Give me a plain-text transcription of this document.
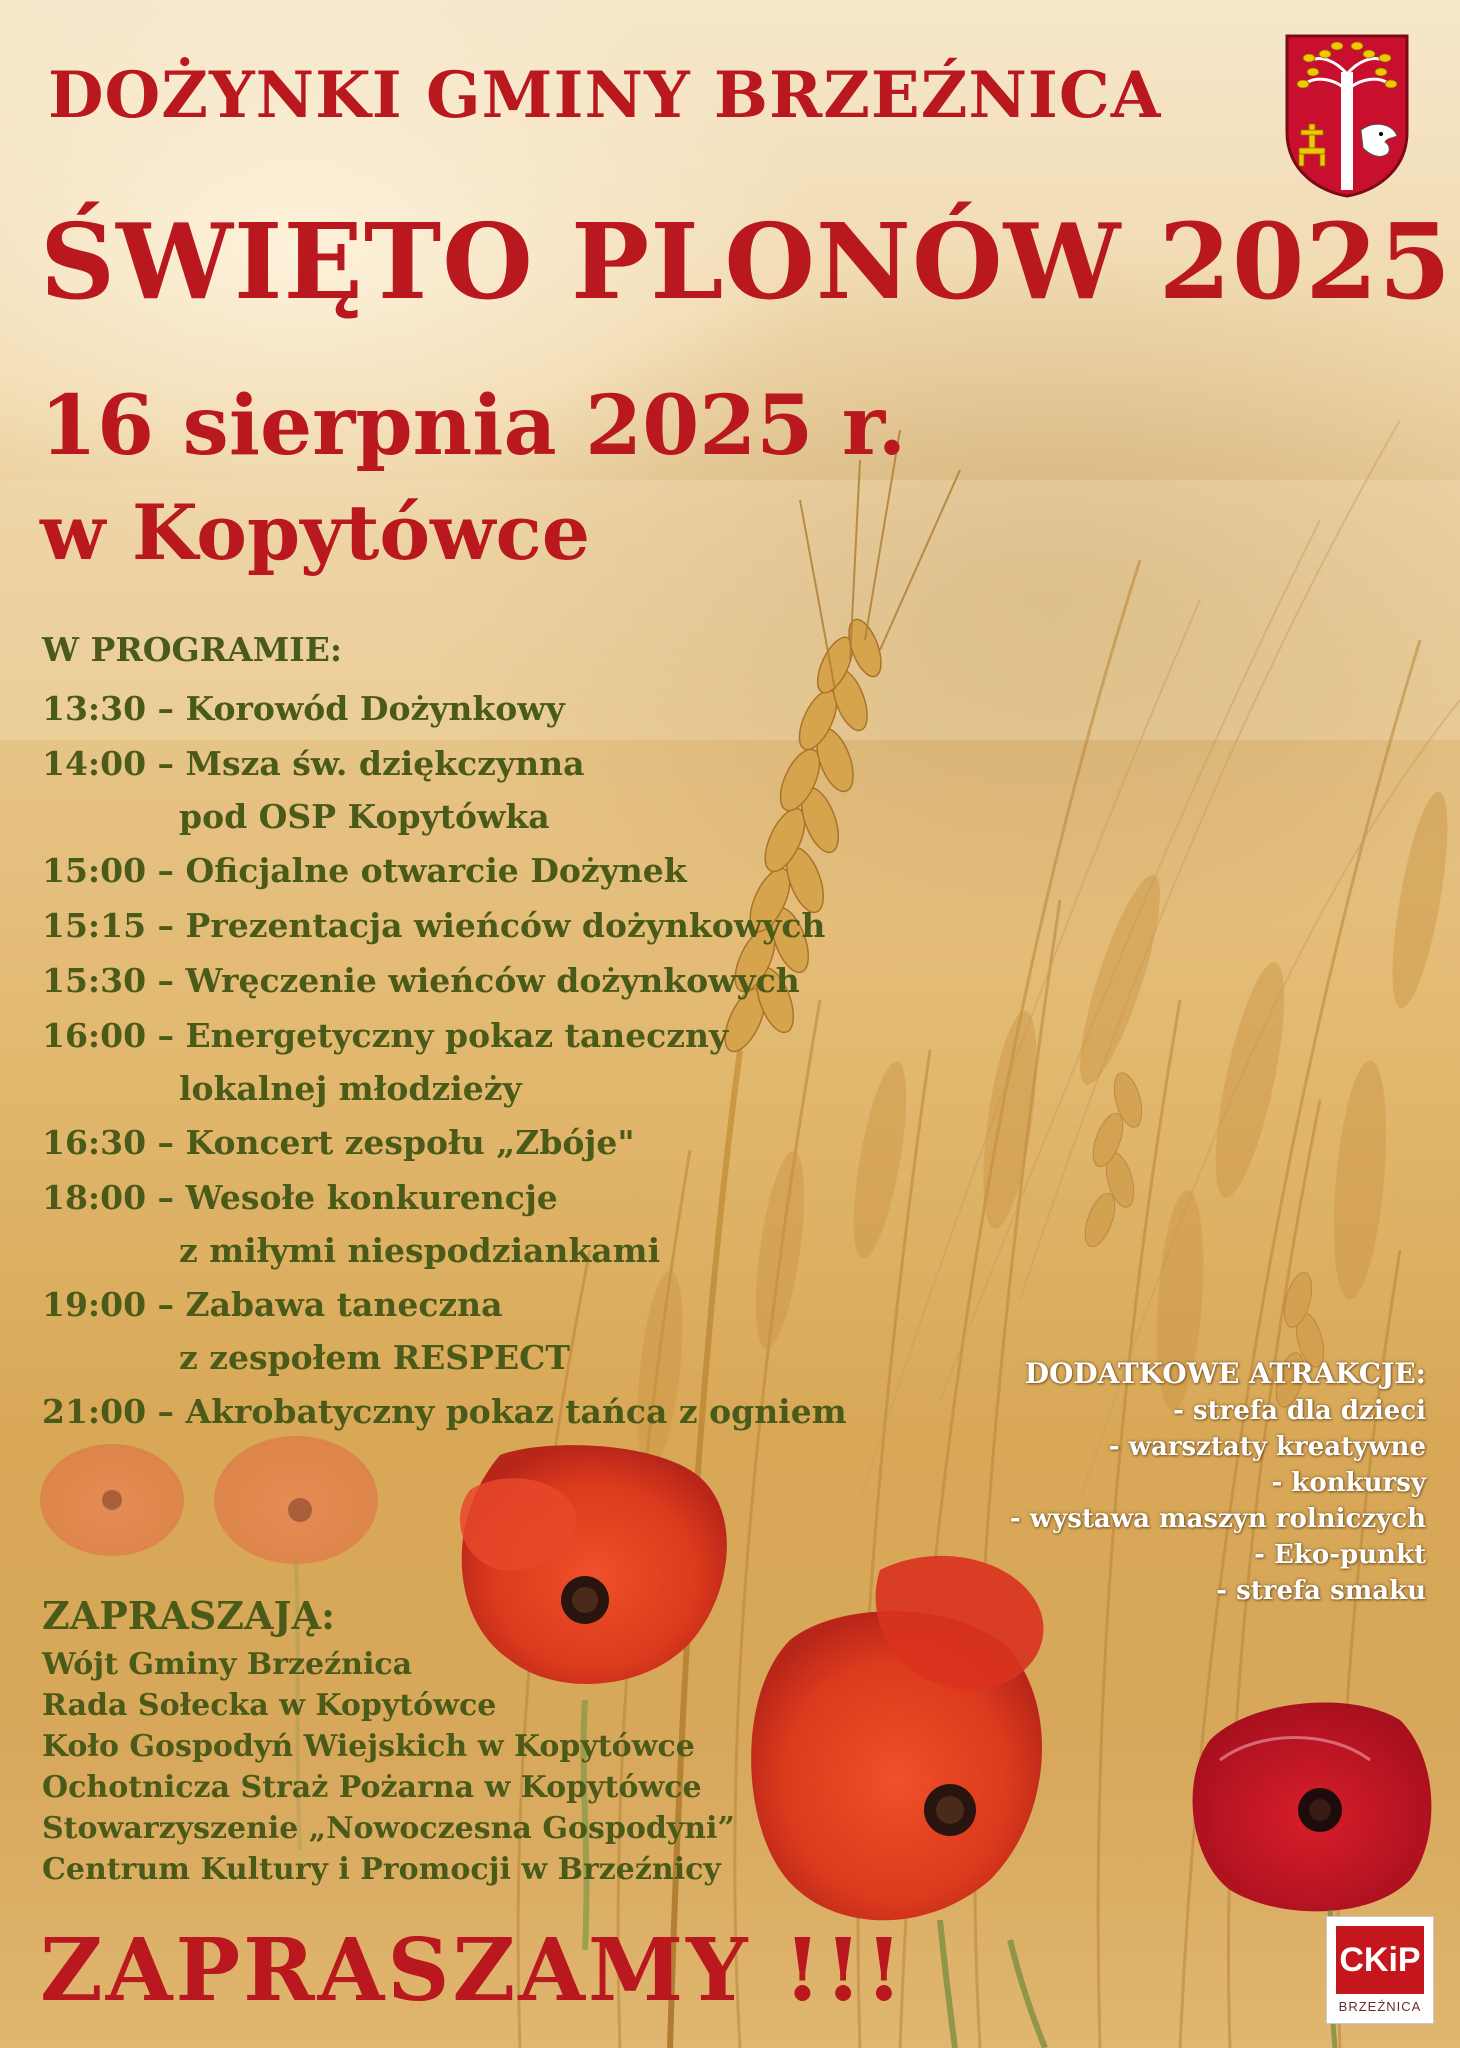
DOŻYNKI GMINY BRZEŹNICA

ŚWIĘTO PLONÓW 2025

16 sierpnia 2025 r.

w Kopytówce

W PROGRAMIE:
13:30 – Korowód Dożynkowy
14:00 – Msza św. dziękczynna
pod OSP Kopytówka
15:00 – Oficjalne otwarcie Dożynek
15:15 – Prezentacja wieńców dożynkowych
15:30 – Wręczenie wieńców dożynkowych
16:00 – Energetyczny pokaz taneczny
lokalnej młodzieży
16:30 – Koncert zespołu „Zbóje"
18:00 – Wesołe konkurencje
z miłymi niespodziankami
19:00 – Zabawa taneczna
z zespołem RESPECT
21:00 – Akrobatyczny pokaz tańca z ogniem
DODATKOWE ATRAKCJE:
- strefa dla dzieci
- warsztaty kreatywne
- konkursy
- wystawa maszyn rolniczych
- Eko-punkt
- strefa smaku
ZAPRASZAJĄ:
Wójt Gminy Brzeźnica
Rada Sołecka w Kopytówce
Koło Gospodyń Wiejskich w Kopytówce
Ochotnicza Straż Pożarna w Kopytówce
Stowarzyszenie „Nowoczesna Gospodyni”
Centrum Kultury i Promocji w Brzeźnicy

ZAPRASZAMY !!!	CKiP
BRZEŹNICA
